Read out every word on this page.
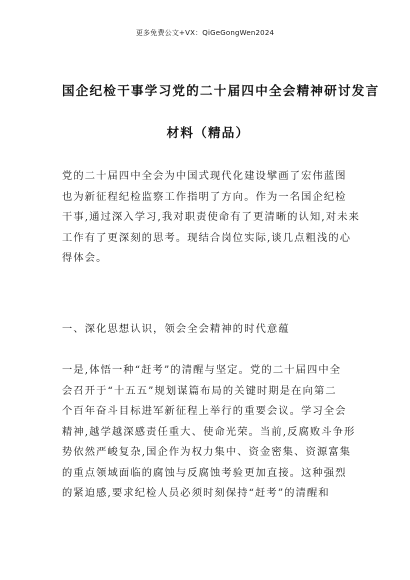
更多免费公文+VX：QiGeGongWen2024
国企纪检干事学习党的二十届四中全会精神研讨发言
材料（精品）
党的二十届四中全会为中国式现代化建设擘画了宏伟蓝图
也为新征程纪检监察工作指明了方向。作为一名国企纪检
干事,通过深入学习,我对职责使命有了更清晰的认知,对未来
工作有了更深刻的思考。现结合岗位实际,谈几点粗浅的心
得体会。
一、深化思想认识，领会全会精神的时代意蕴
一是,体悟一种“赶考”的清醒与坚定。党的二十届四中全
会召开于“十五五”规划谋篇布局的关键时期是在向第二
个百年奋斗目标进军新征程上举行的重要会议。学习全会
精神,越学越深感责任重大、使命光荣。当前,反腐败斗争形
势依然严峻复杂,国企作为权力集中、资金密集、资源富集
的重点领域面临的腐蚀与反腐蚀考验更加直接。这种强烈
的紧迫感,要求纪检人员必须时刻保持“赶考”的清醒和
